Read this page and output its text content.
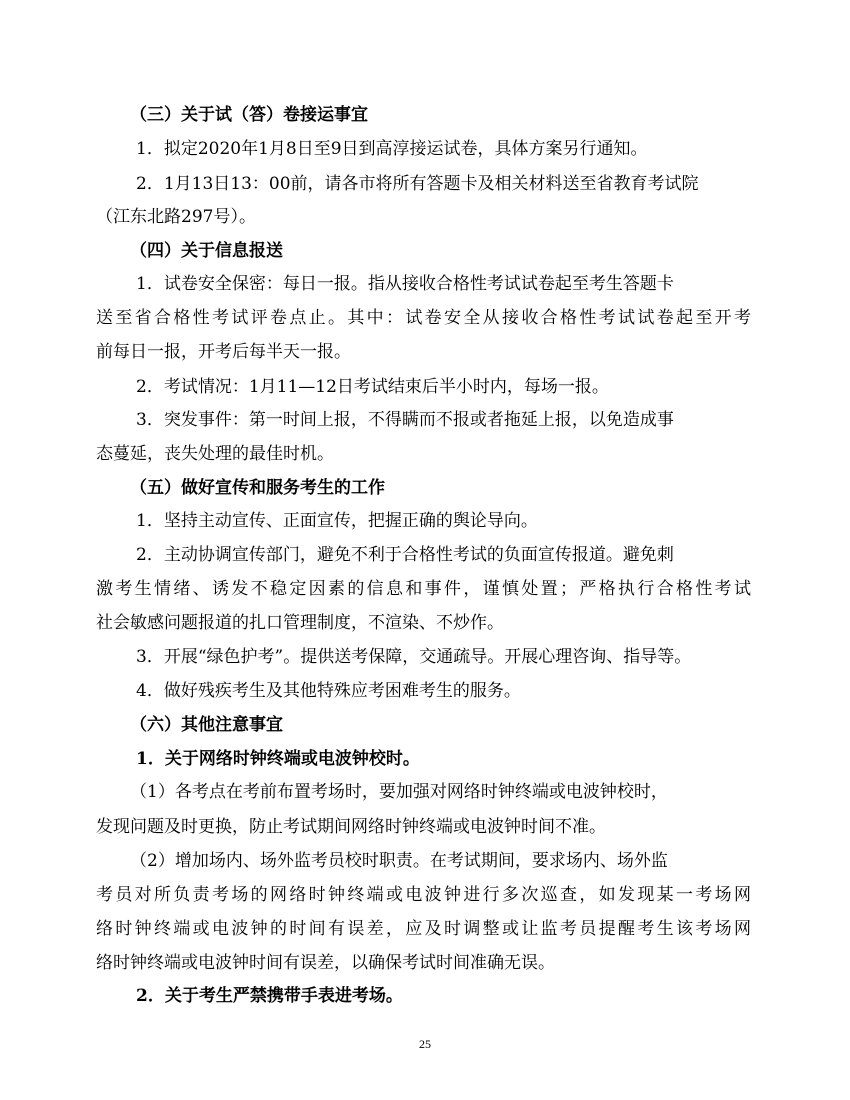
（三）关于试（答）卷接运事宜
1．拟定2020年1月8日至9日到高淳接运试卷，具体方案另行通知。
2．1月13日13：00前，请各市将所有答题卡及相关材料送至省教育考试院
（江东北路297号）。
（四）关于信息报送
1．试卷安全保密：每日一报。指从接收合格性考试试卷起至考生答题卡
送至省合格性考试评卷点止。其中：试卷安全从接收合格性考试试卷起至开考
前每日一报，开考后每半天一报。
2．考试情况：1月11—12日考试结束后半小时内，每场一报。
3．突发事件：第一时间上报，不得瞒而不报或者拖延上报，以免造成事
态蔓延，丧失处理的最佳时机。
（五）做好宣传和服务考生的工作
1．坚持主动宣传、正面宣传，把握正确的舆论导向。
2．主动协调宣传部门，避免不利于合格性考试的负面宣传报道。避免刺
激考生情绪、诱发不稳定因素的信息和事件，谨慎处置；严格执行合格性考试
社会敏感问题报道的扎口管理制度，不渲染、不炒作。
3．开展“绿色护考”。提供送考保障，交通疏导。开展心理咨询、指导等。
4．做好残疾考生及其他特殊应考困难考生的服务。
（六）其他注意事宜
1．关于网络时钟终端或电波钟校时。
（1）各考点在考前布置考场时，要加强对网络时钟终端或电波钟校时，
发现问题及时更换，防止考试期间网络时钟终端或电波钟时间不准。
（2）增加场内、场外监考员校时职责。在考试期间，要求场内、场外监
考员对所负责考场的网络时钟终端或电波钟进行多次巡查，如发现某一考场网
络时钟终端或电波钟的时间有误差，应及时调整或让监考员提醒考生该考场网
络时钟终端或电波钟时间有误差，以确保考试时间准确无误。
2．关于考生严禁携带手表进考场。
25
